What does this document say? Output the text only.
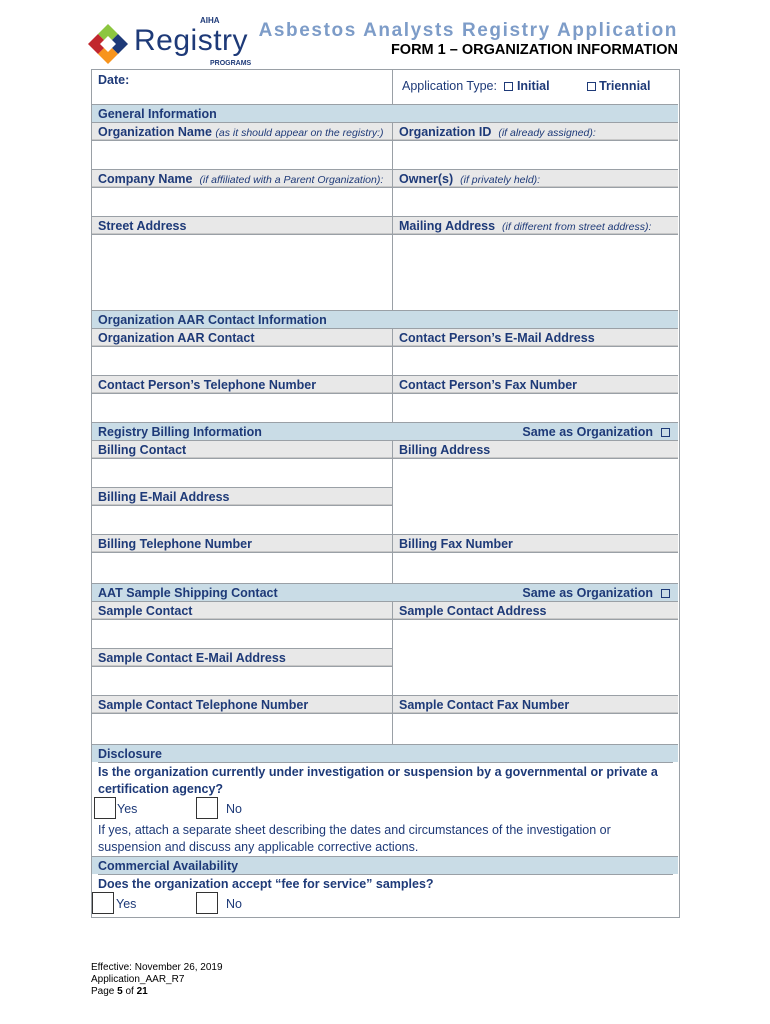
AIHA
Registry
PROGRAMS
Asbestos Analysts Registry Application
FORM 1 – ORGANIZATION INFORMATION
Date:	Application Type: Initial	Triennial
General Information
Organization Name (as it should appear on the registry:)	Organization ID (if already assigned):
Company Name (if affiliated with a Parent Organization):	Owner(s) (if privately held):
Street Address	Mailing Address (if different from street address):
Organization AAR Contact Information
Organization AAR Contact	Contact Person’s E-Mail Address
Contact Person’s Telephone Number	Contact Person’s Fax Number
Registry Billing Information	Same as Organization
Billing Contact	Billing Address
Billing E-Mail Address
Billing Telephone Number	Billing Fax Number
AAT Sample Shipping Contact	Same as Organization
Sample Contact	Sample Contact Address
Sample Contact E-Mail Address
Sample Contact Telephone Number	Sample Contact Fax Number
Disclosure
Is the organization currently under investigation or suspension by a governmental or private a certification agency?
Yes	No
If yes, attach a separate sheet describing the dates and circumstances of the investigation or suspension and discuss any applicable corrective actions.
Commercial Availability
Does the organization accept “fee for service” samples?
Yes	No
Effective: November 26, 2019
Application_AAR_R7
Page 5 of 21
